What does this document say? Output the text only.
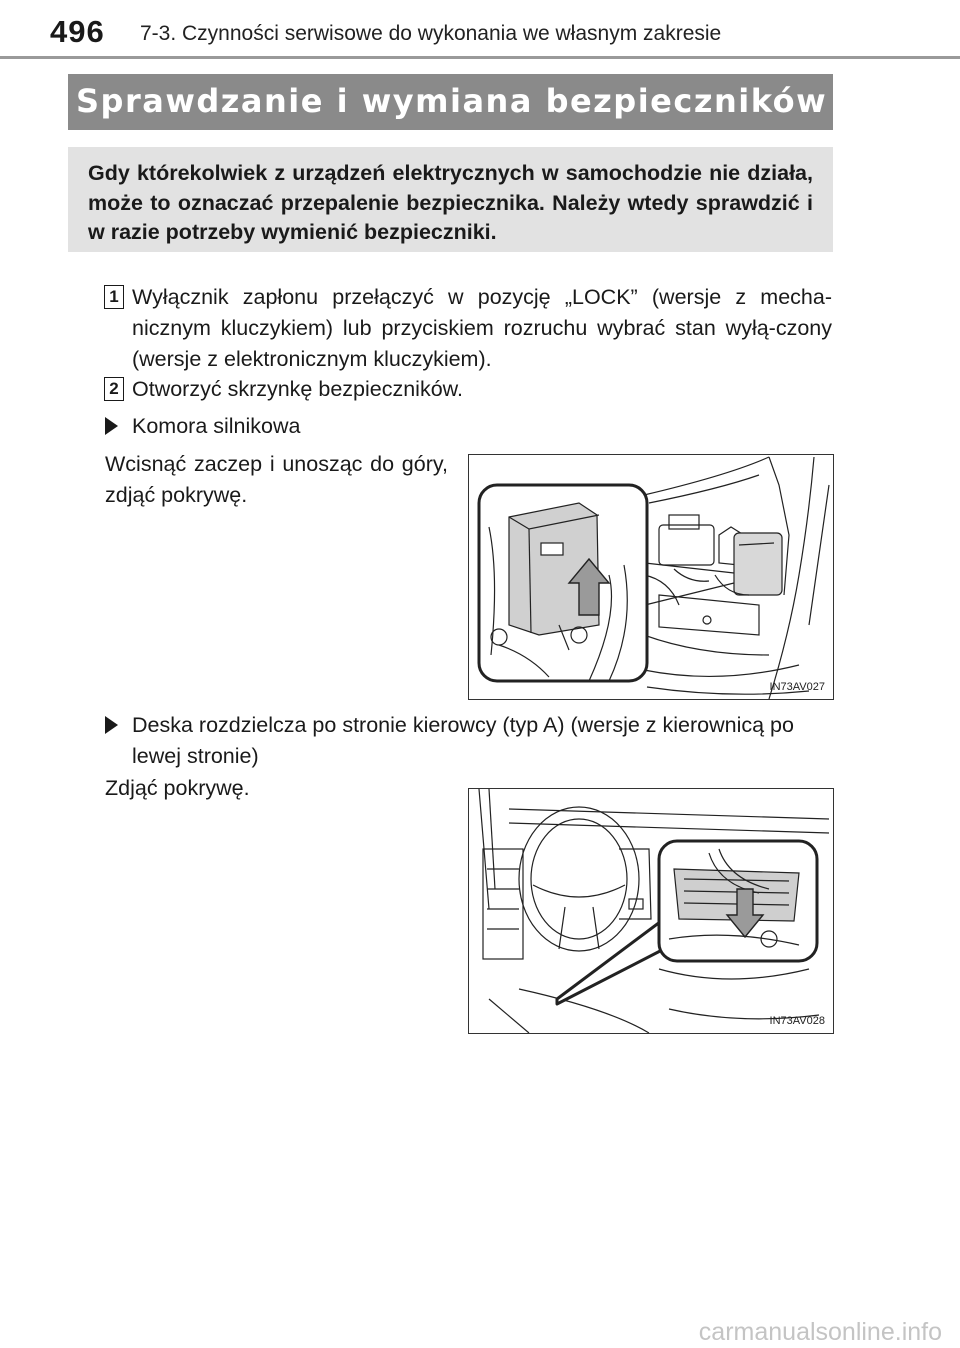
496 7-3. Czynności serwisowe do wykonania we własnym zakresie
Sprawdzanie i wymiana bezpieczników

Gdy którekolwiek z urządzeń elektrycznych w samochodzie nie działa, może to oznaczać przepalenie bezpiecznika. Należy wtedy sprawdzić i w razie potrzeby wymienić bezpieczniki.

1 Wyłącznik zapłonu przełączyć w pozycję „LOCK” (wersje z mecha-nicznym kluczykiem) lub przyciskiem rozruchu wybrać stan wyłą-czony (wersje z elektronicznym kluczykiem).
2 Otworzyć skrzynkę bezpieczników.
Komora silnikowa
Wcisnąć zaczep i unosząc do góry, zdjąć pokrywę.
IN73AV027
Deska rozdzielcza po stronie kierowcy (typ A) (wersje z kierownicą po lewej stronie)
Zdjąć pokrywę.
IN73AV028
carmanualsonline.info
